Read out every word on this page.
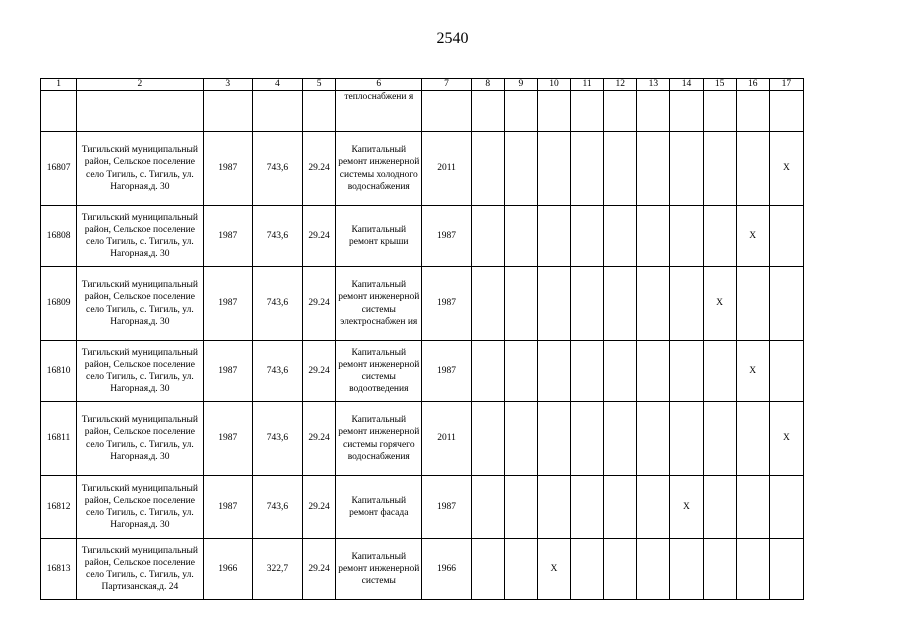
2540
1	2	3	4	5	6	7	8	9	10	11	12	13	14	15	16	17
					теплоснабжени я											
16807	Тигильский муниципальный район, Сельское поселение село Тигиль, с. Тигиль, ул. Нагорная,д. 30	1987	743,6	29.24	Капитальный ремонт инженерной системы холодного водоснабжения	2011										X
16808	Тигильский муниципальный район, Сельское поселение село Тигиль, с. Тигиль, ул. Нагорная,д. 30	1987	743,6	29.24	Капитальный ремонт крыши	1987									X	
16809	Тигильский муниципальный район, Сельское поселение село Тигиль, с. Тигиль, ул. Нагорная,д. 30	1987	743,6	29.24	Капитальный ремонт инженерной системы электроснабжен ия	1987								X		
16810	Тигильский муниципальный район, Сельское поселение село Тигиль, с. Тигиль, ул. Нагорная,д. 30	1987	743,6	29.24	Капитальный ремонт инженерной системы водоотведения	1987									X	
16811	Тигильский муниципальный район, Сельское поселение село Тигиль, с. Тигиль, ул. Нагорная,д. 30	1987	743,6	29.24	Капитальный ремонт инженерной системы горячего водоснабжения	2011										X
16812	Тигильский муниципальный район, Сельское поселение село Тигиль, с. Тигиль, ул. Нагорная,д. 30	1987	743,6	29.24	Капитальный ремонт фасада	1987							X			
16813	Тигильский муниципальный район, Сельское поселение село Тигиль, с. Тигиль, ул. Партизанская,д. 24	1966	322,7	29.24	Капитальный ремонт инженерной системы	1966			X							
